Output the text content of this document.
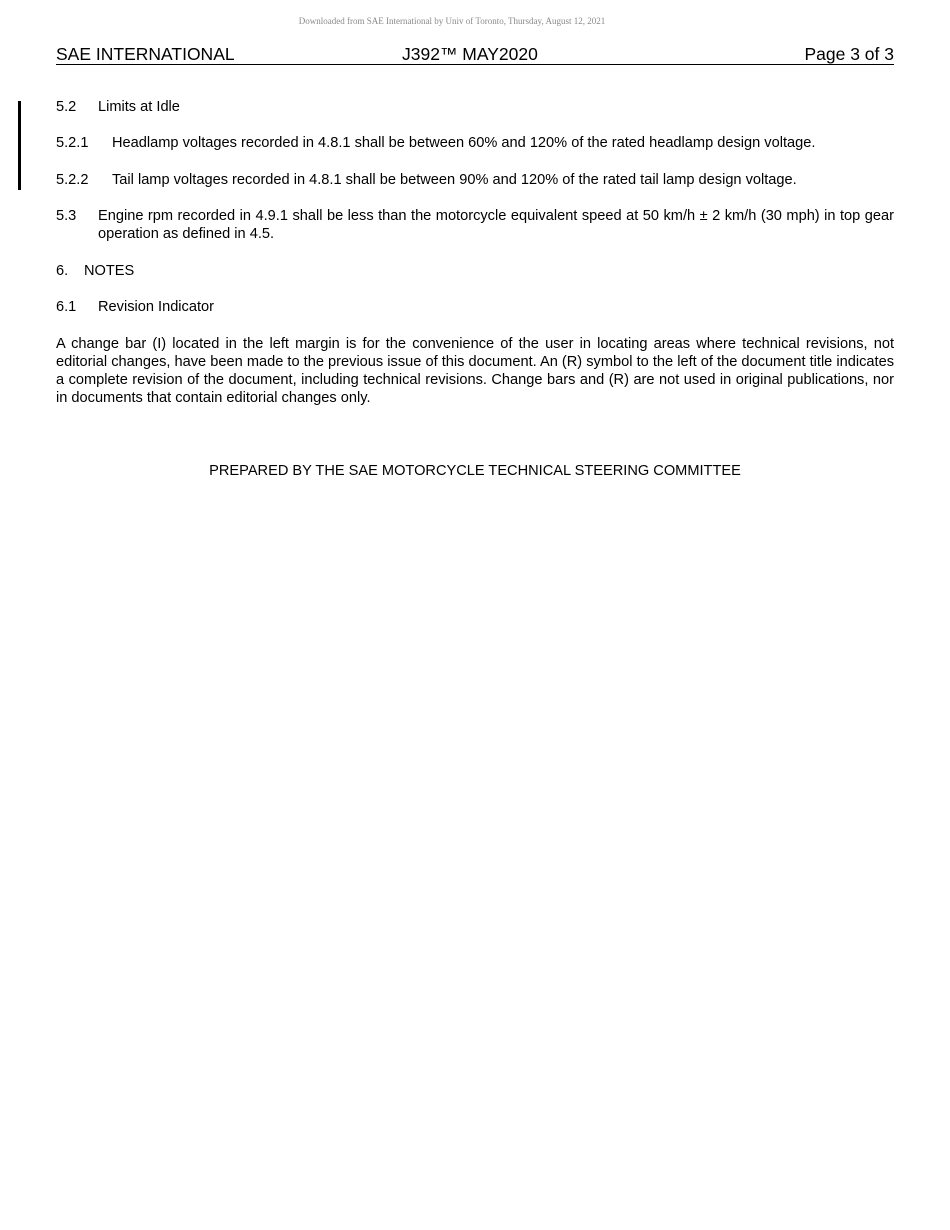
Downloaded from SAE International by Univ of Toronto, Thursday, August 12, 2021
SAE INTERNATIONAL	J392™ MAY2020	Page 3 of 3
5.2 Limits at Idle
5.2.1 Headlamp voltages recorded in 4.8.1 shall be between 60% and 120% of the rated headlamp design voltage.
5.2.2 Tail lamp voltages recorded in 4.8.1 shall be between 90% and 120% of the rated tail lamp design voltage.
5.3 Engine rpm recorded in 4.9.1 shall be less than the motorcycle equivalent speed at 50 km/h ± 2 km/h (30 mph) in top gear operation as defined in 4.5.
6. NOTES
6.1 Revision Indicator
A change bar (I) located in the left margin is for the convenience of the user in locating areas where technical revisions, not editorial changes, have been made to the previous issue of this document. An (R) symbol to the left of the document title indicates a complete revision of the document, including technical revisions. Change bars and (R) are not used in original publications, nor in documents that contain editorial changes only.
PREPARED BY THE SAE MOTORCYCLE TECHNICAL STEERING COMMITTEE
